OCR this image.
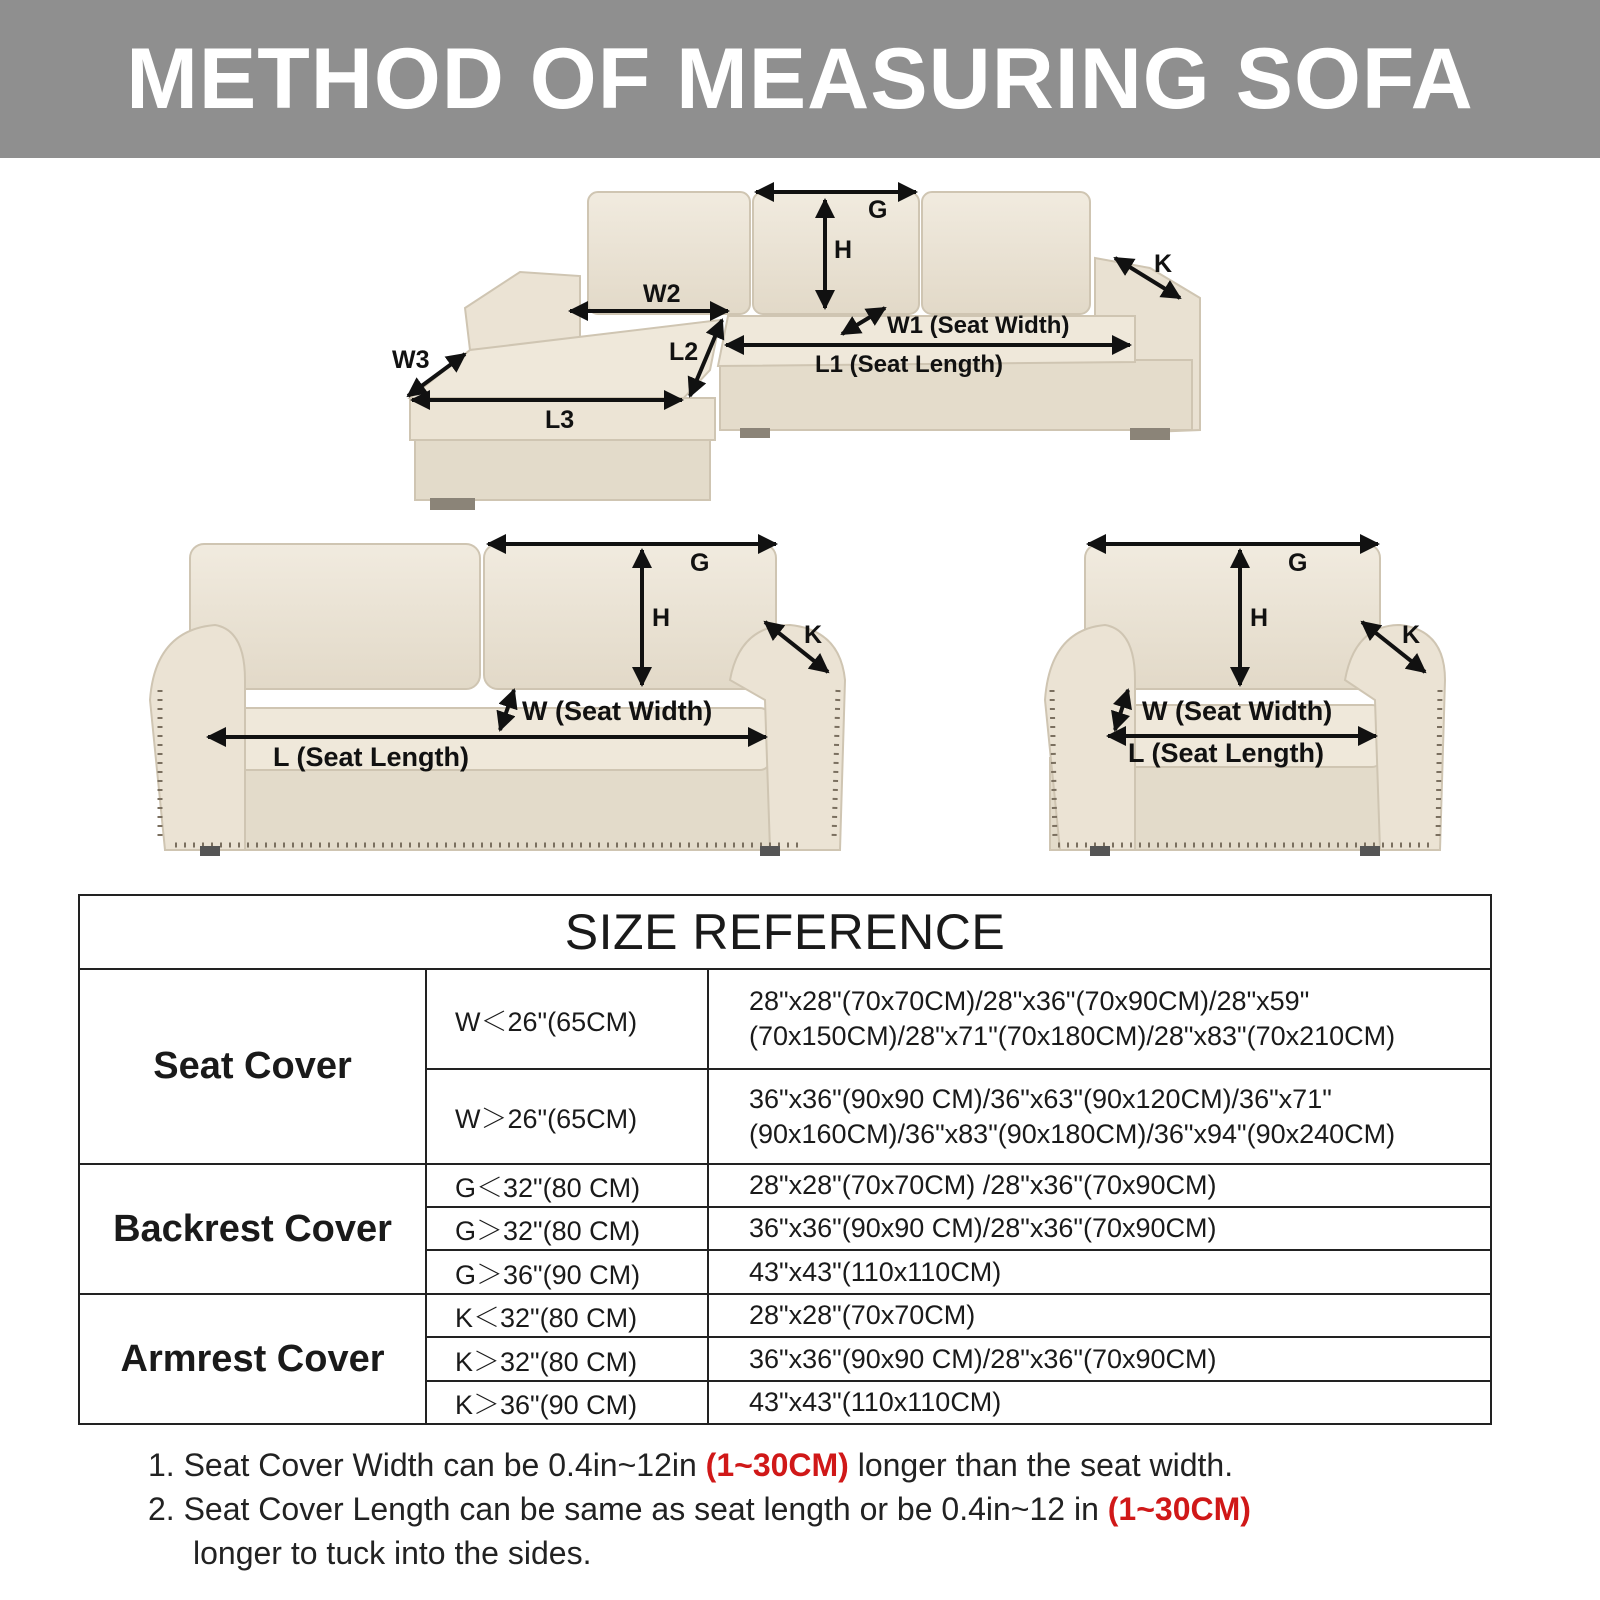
METHOD OF MEASURING SOFA
G
H	K
W2
W1 (Seat Width)
L2
W3	L1 (Seat Length)
L3
G
H
K
W (Seat Width)
L (Seat Length)
G
H
K
W (Seat Width)
L (Seat Length)
SIZE REFERENCE		
Seat Cover	W＜26"(65CM)	28"x28"(70x70CM)/28"x36"(70x90CM)/28"x59"
(70x150CM)/28"x71"(70x180CM)/28"x83"(70x210CM)

	W＞26"(65CM)	36"x36"(90x90 CM)/36"x63"(90x120CM)/36"x71"
(90x160CM)/36"x83"(90x180CM)/36"x94"(90x240CM)

Backrest Cover	G＜32"(80 CM)	28"x28"(70x70CM) /28"x36"(70x90CM)
	G＞32"(80 CM)	36"x36"(90x90 CM)/28"x36"(70x90CM)
	G＞36"(90 CM)	43"x43"(110x110CM)
Armrest Cover	K＜32"(80 CM)	28"x28"(70x70CM)
	K＞32"(80 CM)	36"x36"(90x90 CM)/28"x36"(70x90CM)
	K＞36"(90 CM)	43"x43"(110x110CM)

1. Seat Cover Width can be 0.4in~12in (1~30CM) longer than the seat width.

2. Seat Cover Length can be same as seat length or be 0.4in~12 in (1~30CM)

longer to tuck into the sides.
